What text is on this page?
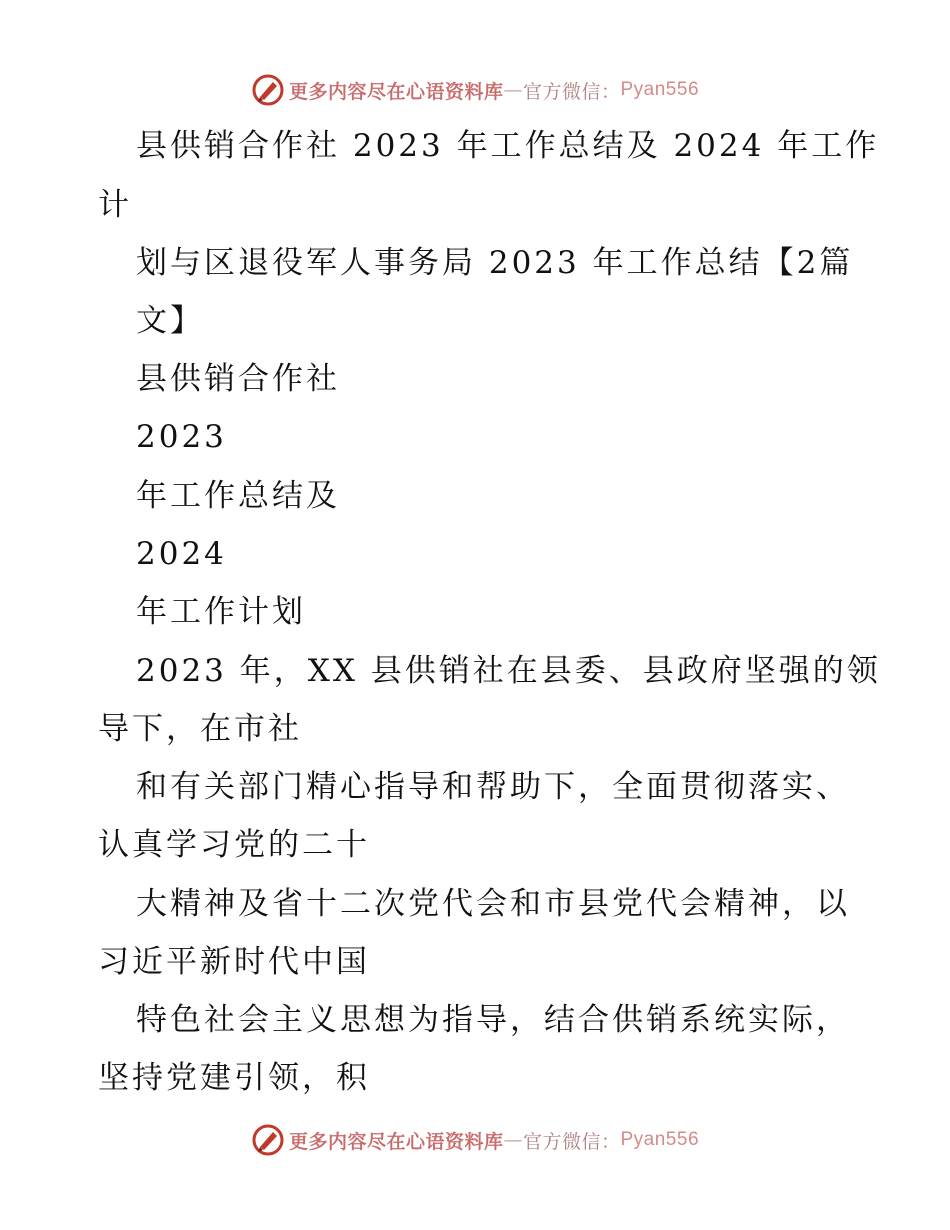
更多内容尽在心语资料库 — 官方微信： Pyan556
县供销合作社 2023 年工作总结及 2024 年工作
计
划与区退役军人事务局 2023 年工作总结【2篇
文】
县供销合作社
2023
年工作总结及
2024
年工作计划
2023 年，XX 县供销社在县委、县政府坚强的领
导下，在市社
和有关部门精心指导和帮助下，全面贯彻落实、
认真学习党的二十
大精神及省十二次党代会和市县党代会精神，以
习近平新时代中国
特色社会主义思想为指导，结合供销系统实际，
坚持党建引领，积
更多内容尽在心语资料库 — 官方微信： Pyan556
